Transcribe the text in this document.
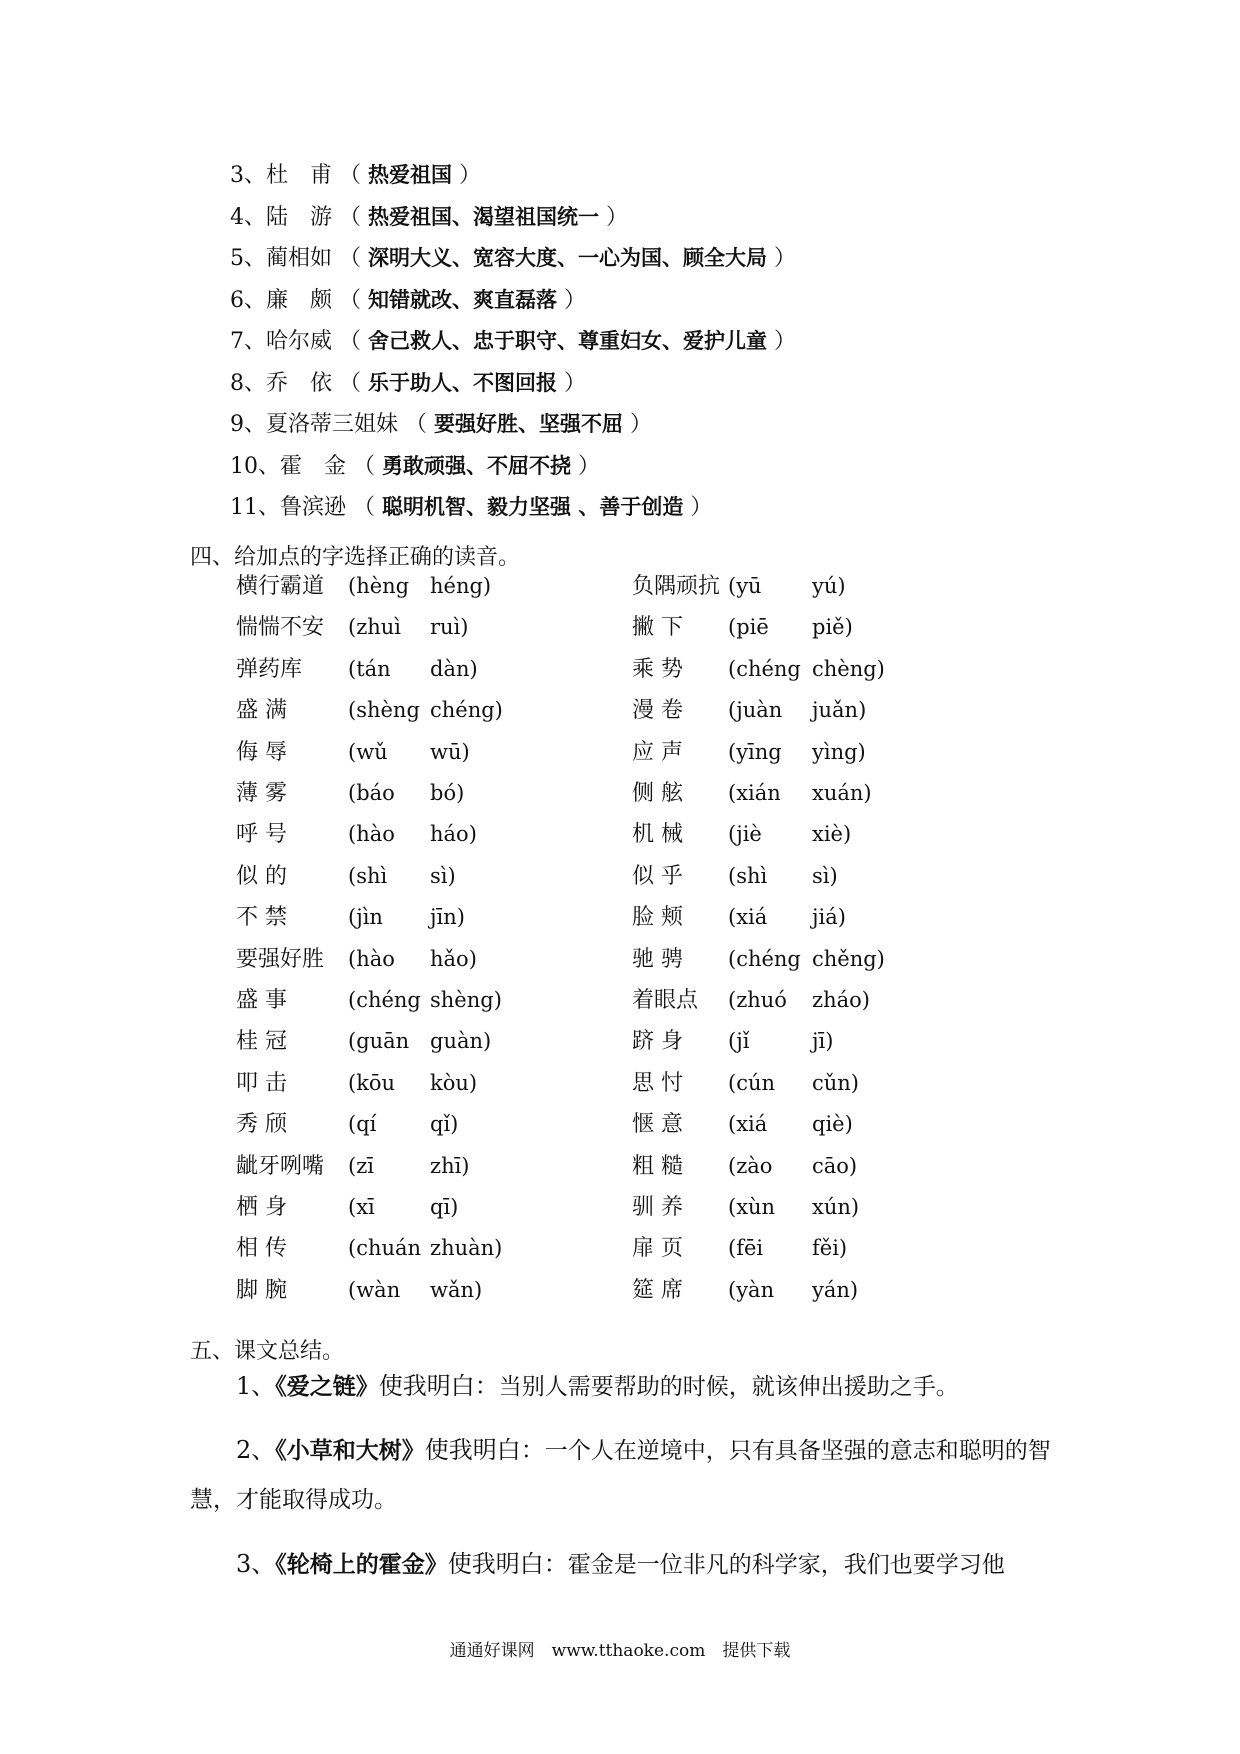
3、杜　甫 （ 热爱祖国 ）
4、陆　游 （ 热爱祖国、渴望祖国统一 ）
5、蔺相如 （ 深明大义、宽容大度、一心为国、顾全大局 ）
6、廉　颇 （ 知错就改、爽直磊落 ）
7、哈尔威 （ 舍己救人、忠于职守、尊重妇女、爱护儿童 ）
8、乔　依 （ 乐于助人、不图回报 ）
9、夏洛蒂三姐妹 （ 要强好胜、坚强不屈 ）
10、霍　金 （ 勇敢顽强、不屈不挠 ）
11、鲁滨逊 （ 聪明机智、毅力坚强 、善于创造 ）
四、给加点的字选择正确的读音。
横行霸道 (hèng héng)
惴惴不安 (zhuì ruì)
弹药库 (tán dàn)
盛 满	(shèng chéng)
侮 辱	(wǔ wū)
薄 雾	(báo bó)
呼 号	(hào háo)
似 的	(shì sì)
不 禁	(jìn jīn)
要强好胜 (hào hǎo)
盛 事	(chéng shèng)
桂 冠	(guān guàn)
叩 击	(kōu kòu)
秀 颀	(qí	qǐ)
龇牙咧嘴 (zī	zhī)
栖 身	(xī	qī)
相 传	(chuán zhuàn)
脚 腕	(wàn wǎn)
负隅顽抗 (yū yú)
撇 下 (piē piě)
乘 势 (chéng chèng)
漫 卷 (juàn juǎn)
应 声 (yīng yìng)
侧 舷 (xián xuán)
机 械 (jiè xiè)
似 乎 (shì sì)
脸 颊 (xiá jiá)
驰 骋 (chéng chěng)
着眼点 (zhuó zháo)
跻 身 (jǐ	jī)
思 忖 (cún cǔn)
惬 意 (xiá qiè)
粗 糙 (zào cāo)
驯 养 (xùn xún)
扉 页 (fēi fěi)
筵 席 (yàn yán)
五、课文总结。
1、《爱之链》使我明白：当别人需要帮助的时候，就该伸出援助之手。
2、《小草和大树》使我明白：一个人在逆境中，只有具备坚强的意志和聪明的智慧，才能取得成功。
3、《轮椅上的霍金》使我明白：霍金是一位非凡的科学家，我们也要学习他
通通好课网　www.tthaoke.com　提供下载
